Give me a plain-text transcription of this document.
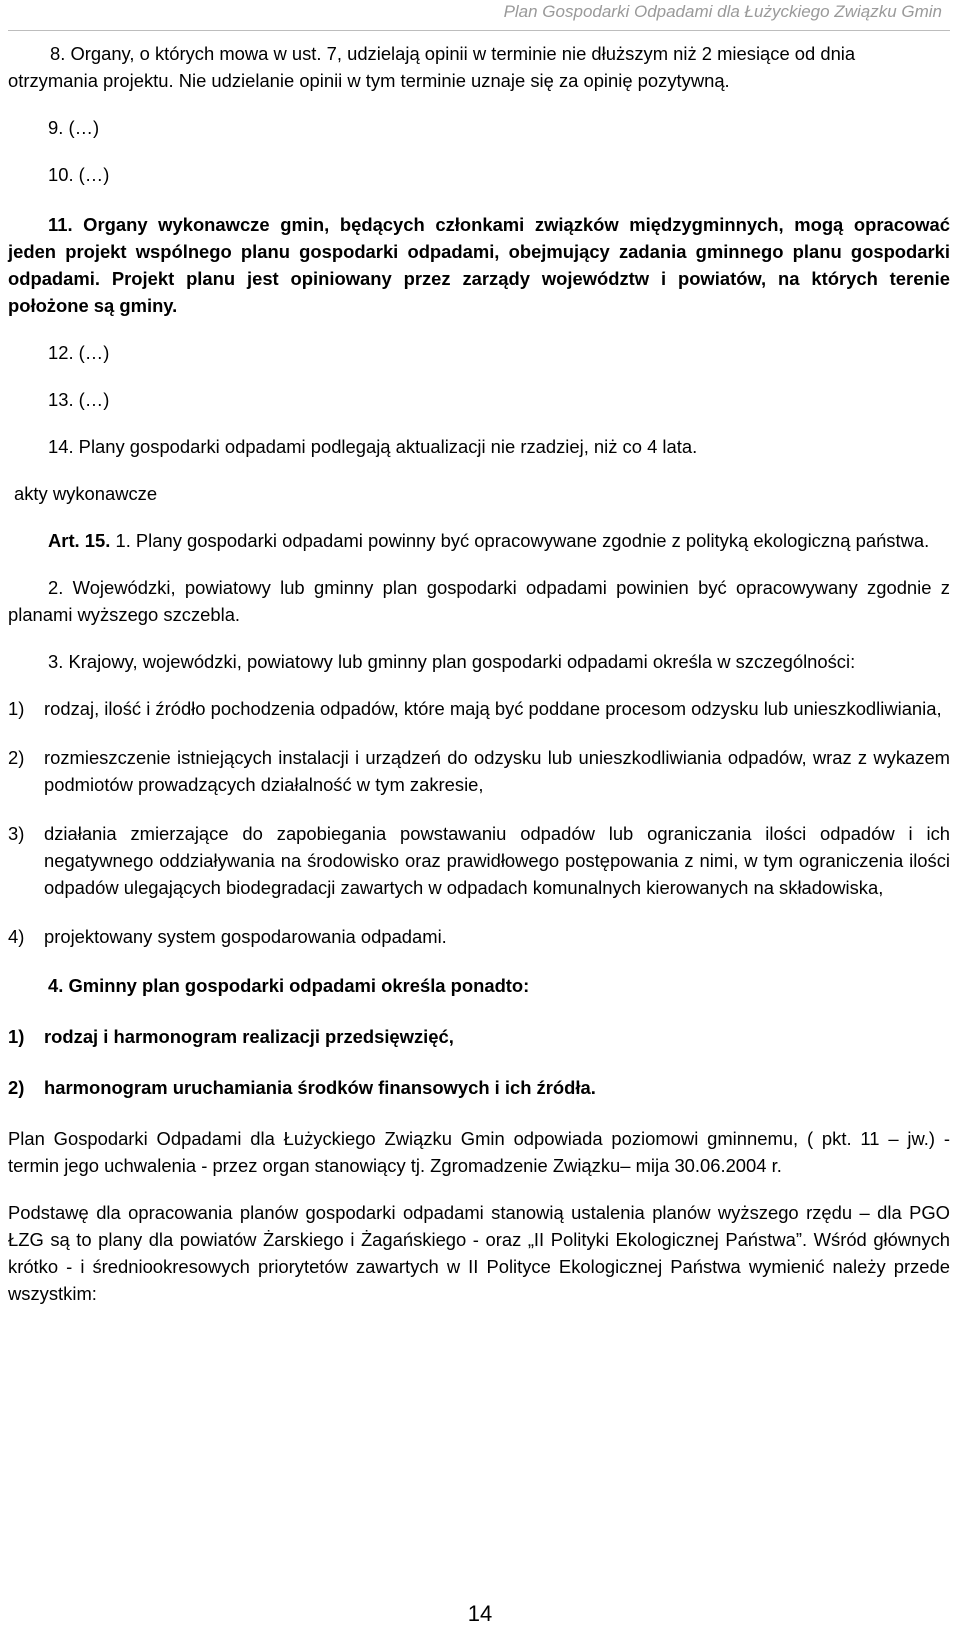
Plan Gospodarki Odpadami dla Łużyckiego Związku Gmin

8. Organy, o których mowa w ust. 7, udzielają opinii w terminie nie dłuższym niż 2 miesiące od dnia otrzymania projektu. Nie udzielanie opinii w tym terminie uznaje się za opinię pozytywną.

9. (…)

10. (…)

11. Organy wykonawcze gmin, będących członkami związków międzygminnych, mogą opracować jeden projekt wspólnego planu gospodarki odpadami, obejmujący zadania gminnego planu gospodarki odpadami. Projekt planu jest opiniowany przez zarządy województw i powiatów, na których terenie położone są gminy.

12. (…)

13. (…)

14. Plany gospodarki odpadami podlegają aktualizacji nie rzadziej, niż co 4 lata.

akty wykonawcze

Art. 15. 1. Plany gospodarki odpadami powinny być opracowywane zgodnie z polityką ekologiczną państwa.

2. Wojewódzki, powiatowy lub gminny plan gospodarki odpadami powinien być opracowywany zgodnie z planami wyższego szczebla.

3. Krajowy, wojewódzki, powiatowy lub gminny plan gospodarki odpadami określa w szczególności:

1)	rodzaj, ilość i źródło pochodzenia odpadów, które mają być poddane procesom odzysku lub unieszkodliwiania,
2)	rozmieszczenie istniejących instalacji i urządzeń do odzysku lub unieszkodliwiania odpadów, wraz z wykazem podmiotów prowadzących działalność w tym zakresie,
3)	działania zmierzające do zapobiegania powstawaniu odpadów lub ograniczania ilości odpadów i ich negatywnego oddziaływania na środowisko oraz prawidłowego postępowania z nimi, w tym ograniczenia ilości odpadów ulegających biodegradacji zawartych w odpadach komunalnych kierowanych na składowiska,
4)	projektowany system gospodarowania odpadami.

4. Gminny plan gospodarki odpadami określa ponadto:

1)	rodzaj i harmonogram realizacji przedsięwzięć,
2)	harmonogram uruchamiania środków finansowych i ich źródła.

Plan Gospodarki Odpadami dla Łużyckiego Związku Gmin odpowiada poziomowi gminnemu, ( pkt. 11 – jw.) - termin jego uchwalenia - przez organ stanowiący tj. Zgromadzenie Związku– mija 30.06.2004 r.

Podstawę dla opracowania planów gospodarki odpadami stanowią ustalenia planów wyższego rzędu – dla PGO ŁZG są to plany dla powiatów Żarskiego i Żagańskiego - oraz „II Polityki Ekologicznej Państwa”. Wśród głównych krótko - i średniookresowych priorytetów zawartych w II Polityce Ekologicznej Państwa wymienić należy przede wszystkim:

14
